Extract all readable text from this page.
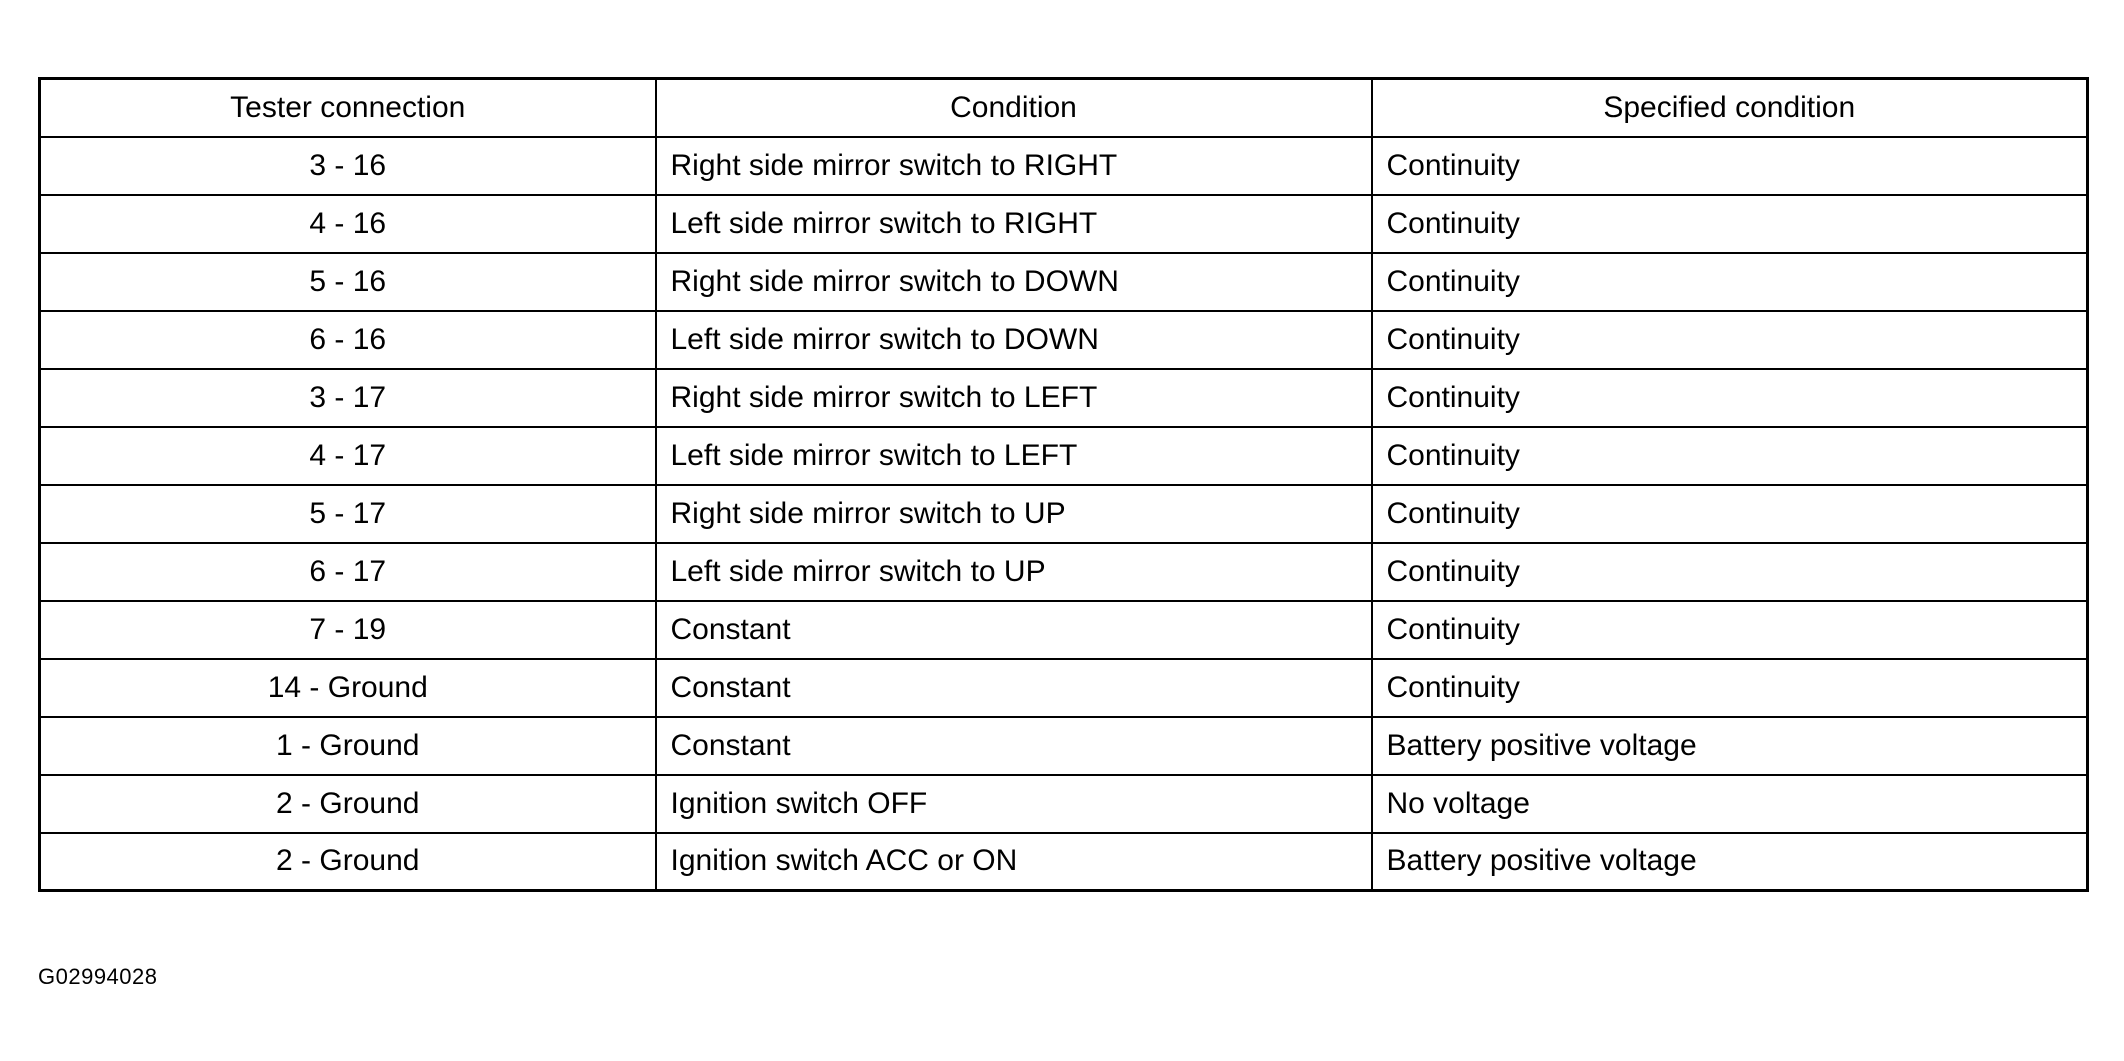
Tester connection	Condition	Specified condition
3 - 16	Right side mirror switch to RIGHT	Continuity
4 - 16	Left side mirror switch to RIGHT	Continuity
5 - 16	Right side mirror switch to DOWN	Continuity
6 - 16	Left side mirror switch to DOWN	Continuity
3 - 17	Right side mirror switch to LEFT	Continuity
4 - 17	Left side mirror switch to LEFT	Continuity
5 - 17	Right side mirror switch to UP	Continuity
6 - 17	Left side mirror switch to UP	Continuity
7 - 19	Constant	Continuity
14 - Ground	Constant	Continuity
1 - Ground	Constant	Battery positive voltage
2 - Ground	Ignition switch OFF	No voltage
2 - Ground	Ignition switch ACC or ON	Battery positive voltage
G02994028
